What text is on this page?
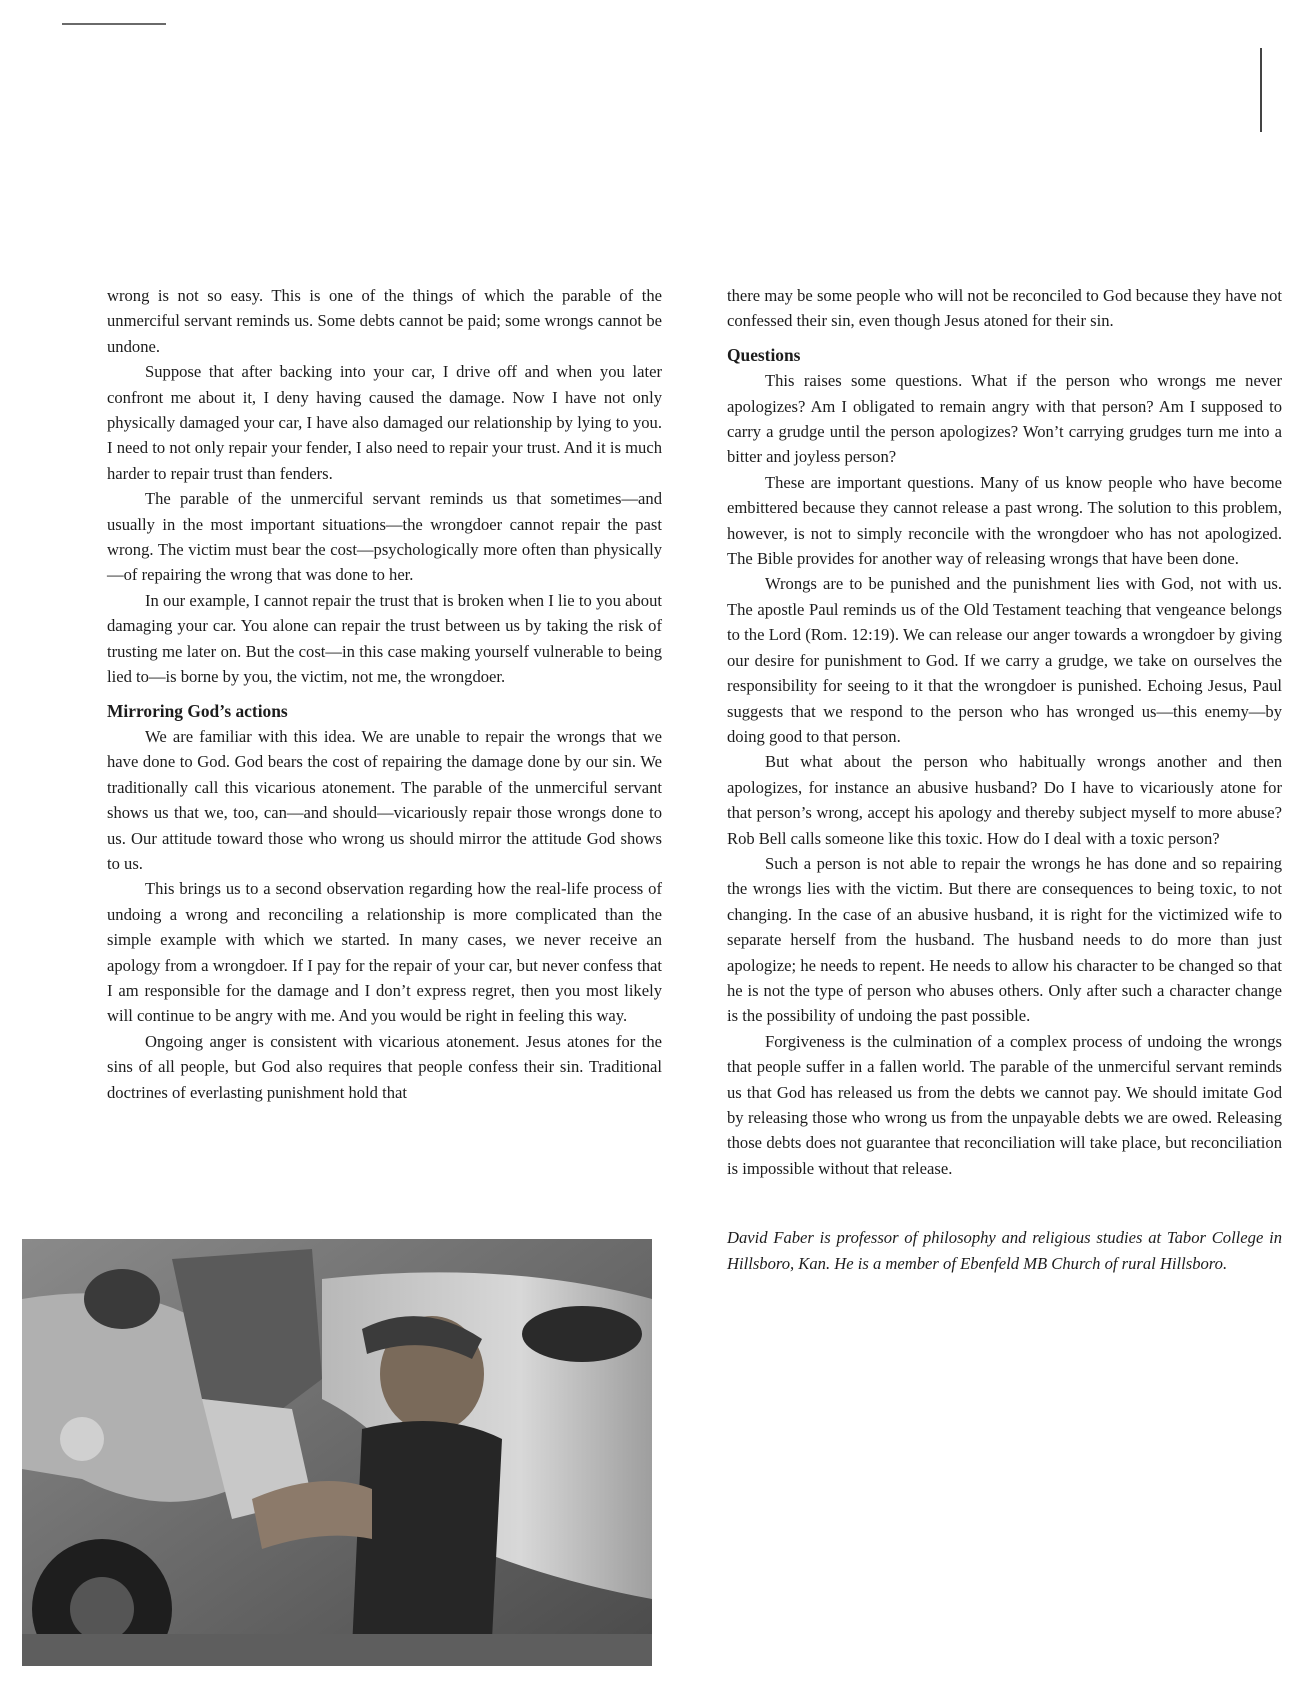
wrong is not so easy. This is one of the things of which the parable of the unmerciful servant reminds us. Some debts cannot be paid; some wrongs cannot be undone.

Suppose that after backing into your car, I drive off and when you later confront me about it, I deny having caused the damage. Now I have not only physically damaged your car, I have also damaged our relationship by lying to you. I need to not only repair your fender, I also need to repair your trust. And it is much harder to repair trust than fenders.

The parable of the unmerciful servant reminds us that sometimes—and usually in the most important situations—the wrongdoer cannot repair the past wrong. The victim must bear the cost—psychologically more often than physically—of repairing the wrong that was done to her.

In our example, I cannot repair the trust that is broken when I lie to you about damaging your car. You alone can repair the trust between us by taking the risk of trusting me later on. But the cost—in this case making yourself vulnerable to being lied to—is borne by you, the victim, not me, the wrongdoer.

Mirroring God’s actions

We are familiar with this idea. We are unable to repair the wrongs that we have done to God. God bears the cost of repairing the damage done by our sin. We traditionally call this vicarious atonement. The parable of the unmerciful servant shows us that we, too, can—and should—vicariously repair those wrongs done to us. Our attitude toward those who wrong us should mirror the attitude God shows to us.

This brings us to a second observation regarding how the real-life process of undoing a wrong and reconciling a relationship is more complicated than the simple example with which we started. In many cases, we never receive an apology from a wrongdoer. If I pay for the repair of your car, but never confess that I am responsible for the damage and I don’t express regret, then you most likely will continue to be angry with me. And you would be right in feeling this way.

Ongoing anger is consistent with vicarious atonement. Jesus atones for the sins of all people, but God also requires that people confess their sin. Traditional doctrines of everlasting punishment hold that

there may be some people who will not be reconciled to God because they have not confessed their sin, even though Jesus atoned for their sin.

Questions

This raises some questions. What if the person who wrongs me never apologizes? Am I obligated to remain angry with that person? Am I supposed to carry a grudge until the person apologizes? Won’t carrying grudges turn me into a bitter and joyless person?

These are important questions. Many of us know people who have become embittered because they cannot release a past wrong. The solution to this problem, however, is not to simply reconcile with the wrongdoer who has not apologized. The Bible provides for another way of releasing wrongs that have been done.

Wrongs are to be punished and the punishment lies with God, not with us. The apostle Paul reminds us of the Old Testament teaching that vengeance belongs to the Lord (Rom. 12:19). We can release our anger towards a wrongdoer by giving our desire for punishment to God. If we carry a grudge, we take on ourselves the responsibility for seeing to it that the wrongdoer is punished. Echoing Jesus, Paul suggests that we respond to the person who has wronged us—this enemy—by doing good to that person.

But what about the person who habitually wrongs another and then apologizes, for instance an abusive husband? Do I have to vicariously atone for that person’s wrong, accept his apology and thereby subject myself to more abuse? Rob Bell calls someone like this toxic. How do I deal with a toxic person?

Such a person is not able to repair the wrongs he has done and so repairing the wrongs lies with the victim. But there are consequences to being toxic, to not changing. In the case of an abusive husband, it is right for the victimized wife to separate herself from the husband. The husband needs to do more than just apologize; he needs to repent. He needs to allow his character to be changed so that he is not the type of person who abuses others. Only after such a character change is the possibility of undoing the past possible.

Forgiveness is the culmination of a complex process of undoing the wrongs that people suffer in a fallen world. The parable of the unmerciful servant reminds us that God has released us from the debts we cannot pay. We should imitate God by releasing those who wrong us from the unpayable debts we are owed. Releasing those debts does not guarantee that reconciliation will take place, but reconciliation is impossible without that release.

David Faber is professor of philosophy and religious studies at Tabor College in Hillsboro, Kan. He is a member of Ebenfeld MB Church of rural Hillsboro.
